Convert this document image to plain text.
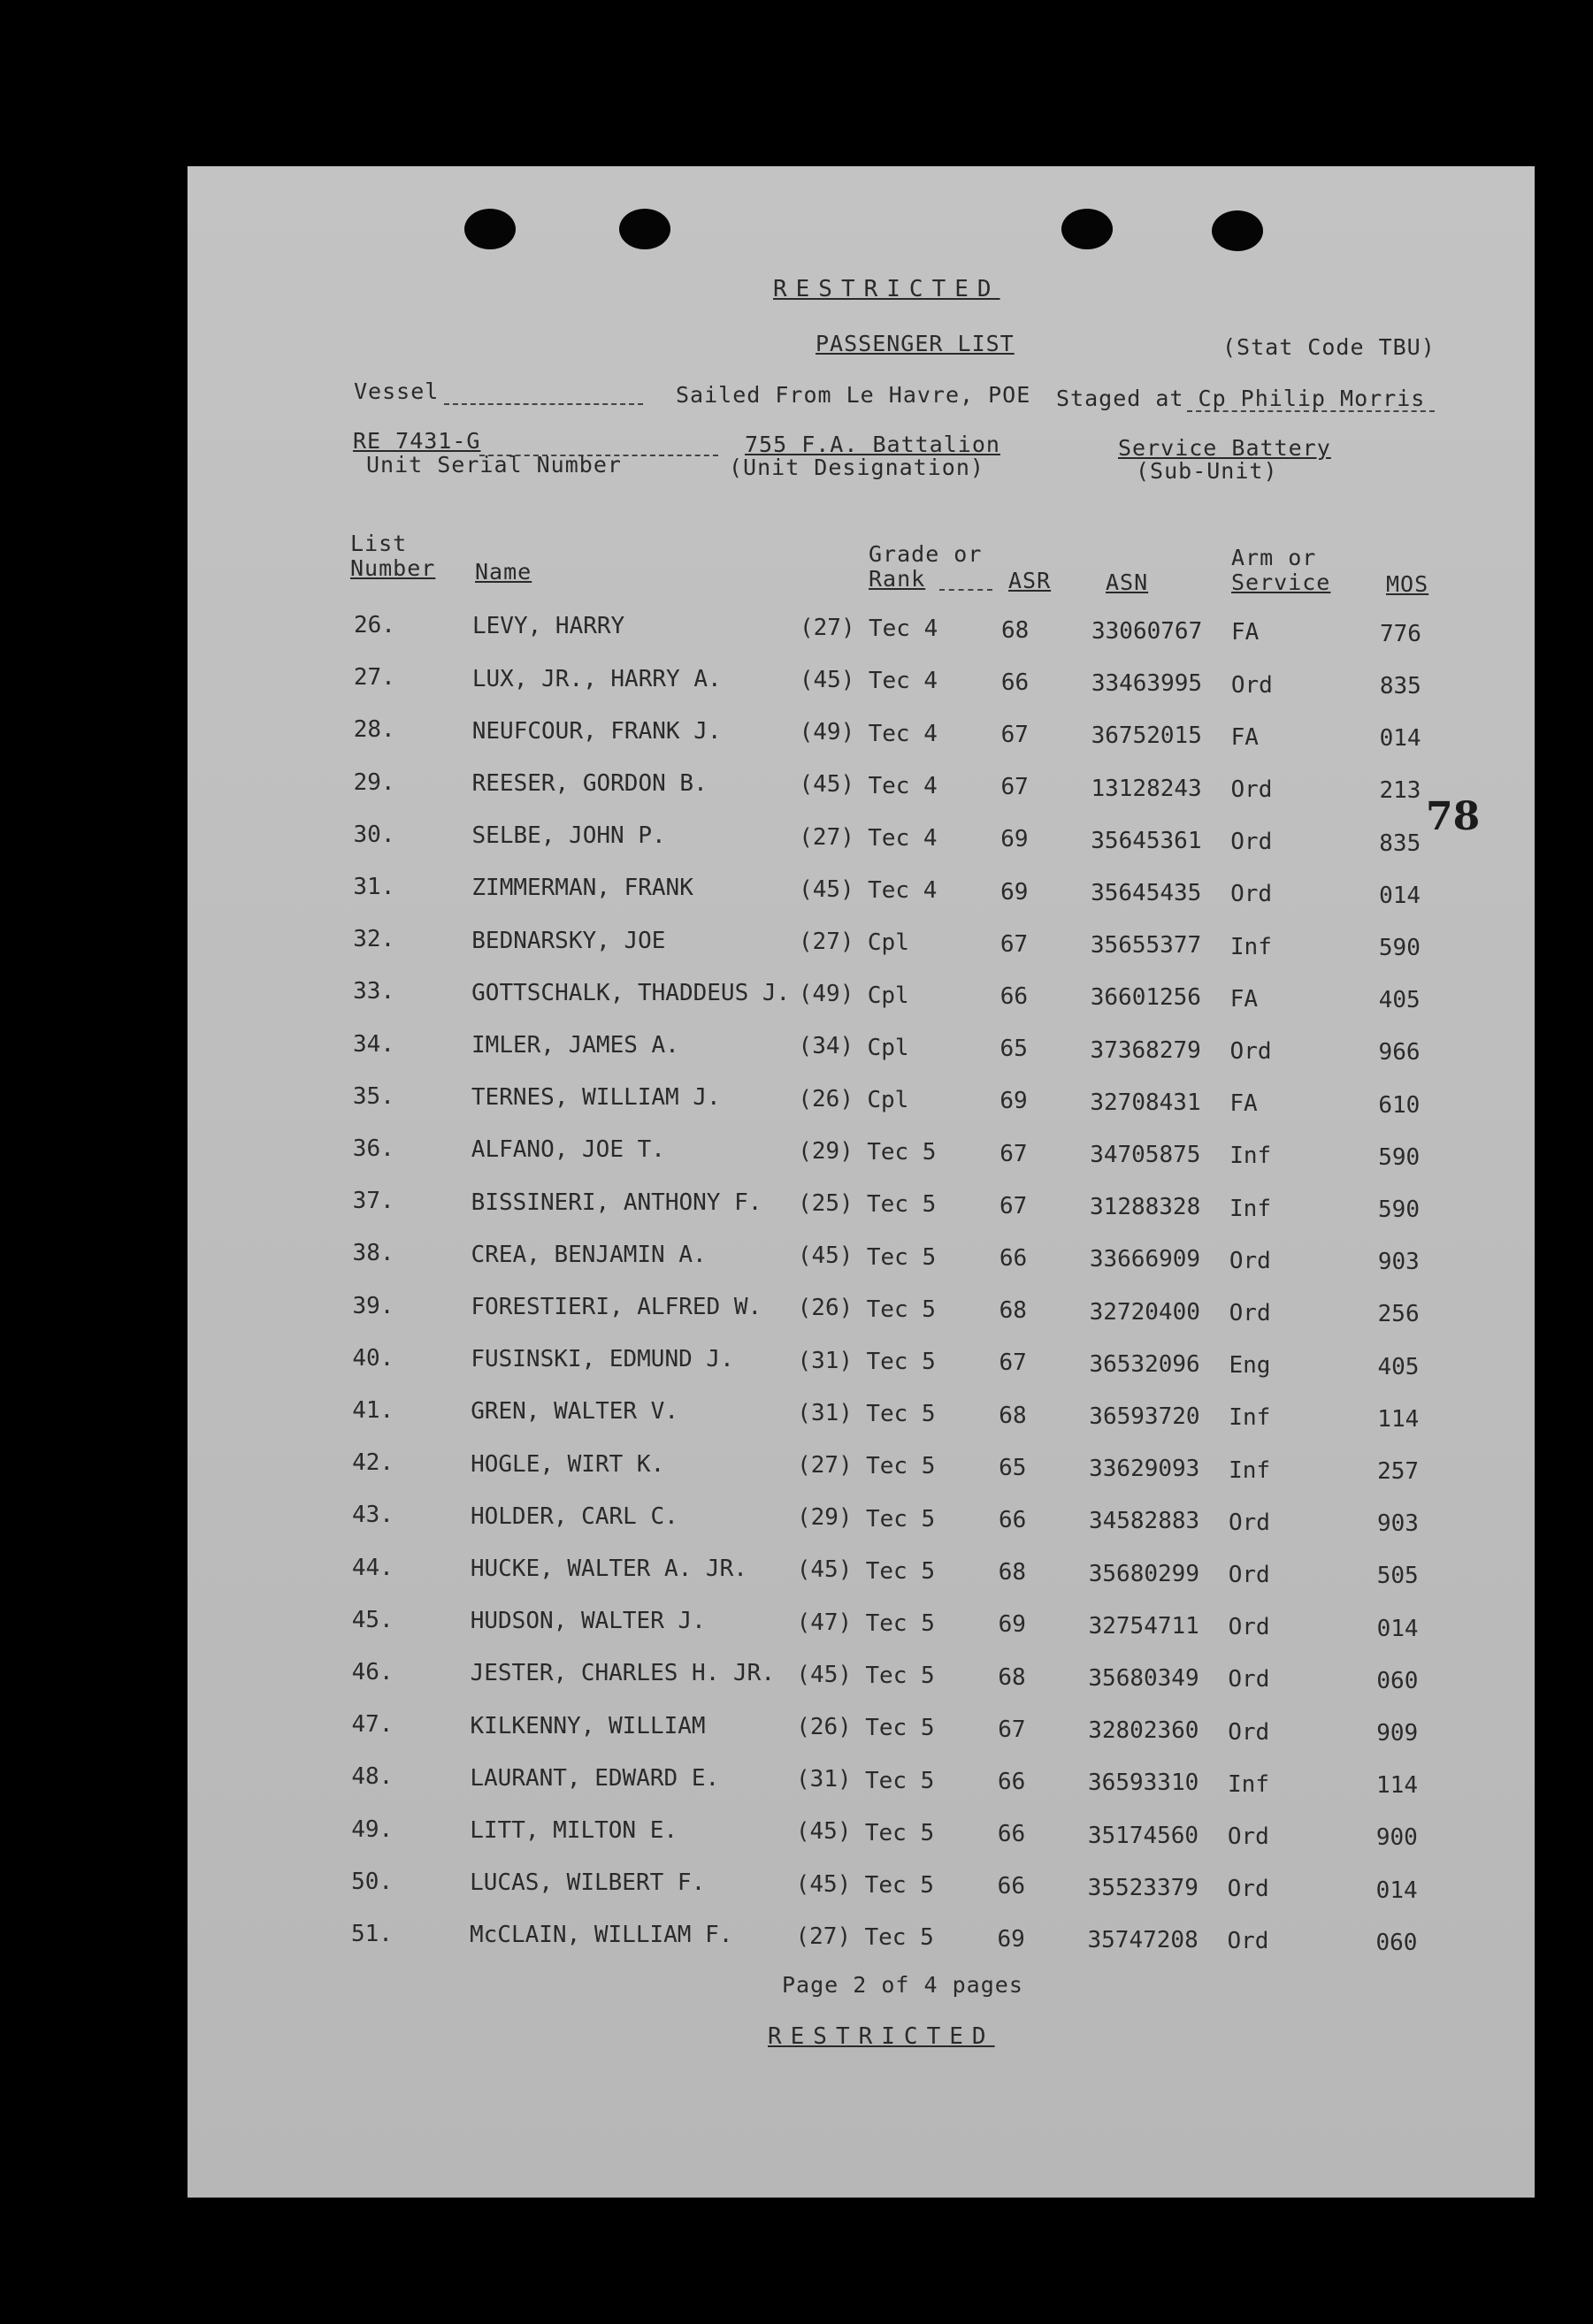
RESTRICTED
PASSENGER LIST	(Stat Code TBU)
Vessel	Sailed From Le Havre, POE Staged at Cp Philip Morris
RE 7431-G
Unit Serial Number
755 F.A. Battalion
(Unit Designation)
Service Battery
(Sub-Unit)
List
Number Name
Grade or
Rank	ASR ASN
Arm or
Service	MOS
26.	LEVY, HARRY	(27) Tec 4	68	33060767 FA	776
27.	LUX, JR., HARRY A.	(45) Tec 4	66	33463995 Ord	835
28.	NEUFCOUR, FRANK J.	(49) Tec 4	67	36752015 FA	014
29.	REESER, GORDON B.	(45) Tec 4	67	13128243 Ord	213
30.	SELBE, JOHN P.	(27) Tec 4	69	35645361 Ord	835
31.	ZIMMERMAN, FRANK	(45) Tec 4	69	35645435 Ord	014
32.	BEDNARSKY, JOE	(27) Cpl	67	35655377 Inf	590
33.	GOTTSCHALK, THADDEUS J. (49) Cpl	66	36601256 FA	405
34.	IMLER, JAMES A.	(34) Cpl	65	37368279 Ord	966
35.	TERNES, WILLIAM J.	(26) Cpl	69	32708431 FA	610
36.	ALFANO, JOE T.	(29) Tec 5	67	34705875 Inf	590
37.	BISSINERI, ANTHONY F. (25) Tec 5	67	31288328 Inf	590
38.	CREA, BENJAMIN A.	(45) Tec 5	66	33666909 Ord	903
39.	FORESTIERI, ALFRED W. (26) Tec 5	68	32720400 Ord	256
40.	FUSINSKI, EDMUND J.	(31) Tec 5	67	36532096 Eng	405
41.	GREN, WALTER V.	(31) Tec 5	68	36593720 Inf	114
42.	HOGLE, WIRT K.	(27) Tec 5	65	33629093 Inf	257
43.	HOLDER, CARL C.	(29) Tec 5	66	34582883 Ord	903
44.	HUCKE, WALTER A. JR. (45) Tec 5	68	35680299 Ord	505
45.	HUDSON, WALTER J.	(47) Tec 5	69	32754711 Ord	014
46.	JESTER, CHARLES H. JR. (45) Tec 5	68	35680349 Ord	060
47.	KILKENNY, WILLIAM	(26) Tec 5	67	32802360 Ord	909
48.	LAURANT, EDWARD E.	(31) Tec 5	66	36593310 Inf	114
49.	LITT, MILTON E.	(45) Tec 5	66	35174560 Ord	900
50.	LUCAS, WILBERT F.	(45) Tec 5	66	35523379 Ord	014
51.	McCLAIN, WILLIAM F.	(27) Tec 5	69	35747208 Ord	060
78
Page 2 of 4 pages
RESTRICTED
